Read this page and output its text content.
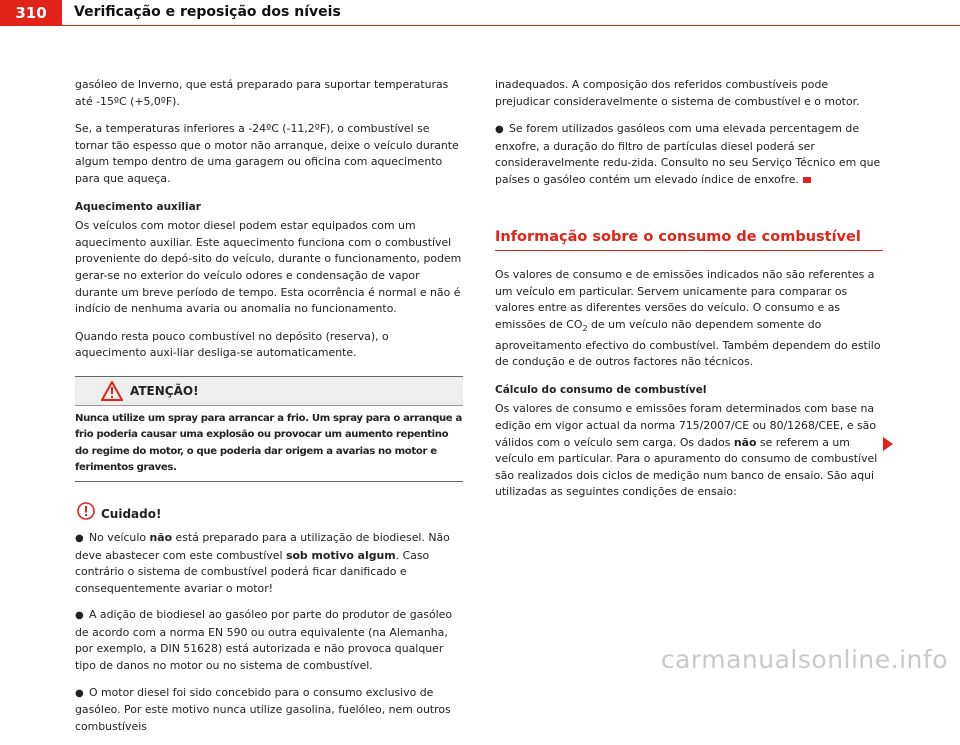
310	Verificação e reposição dos níveis

gasóleo de Inverno, que está preparado para suportar temperaturas até -15ºC (+5,0ºF).

Se, a temperaturas inferiores a -24ºC (-11,2ºF), o combustível se tornar tão espesso que o motor não arranque, deixe o veículo durante algum tempo dentro de uma garagem ou oficina com aquecimento para que aqueça.

Aquecimento auxiliar

Os veículos com motor diesel podem estar equipados com um aquecimento auxiliar. Este aquecimento funciona com o combustível proveniente do depó-sito do veículo, durante o funcionamento, podem gerar-se no exterior do veículo odores e condensação de vapor durante um breve período de tempo. Esta ocorrência é normal e não é indício de nenhuma avaria ou anomalia no funcionamento.

Quando resta pouco combustível no depósito (reserva), o aquecimento auxi-liar desliga-se automaticamente.

ATENÇÃO!
Nunca utilize um spray para arrancar a frio. Um spray para o arranque a frio poderia causar uma explosão ou provocar um aumento repentino do regime do motor, o que poderia dar origem a avarias no motor e ferimentos graves.
Cuidado!

● No veículo não está preparado para a utilização de biodiesel. Não deve abastecer com este combustível sob motivo algum. Caso contrário o sistema de combustível poderá ficar danificado e consequentemente avariar o motor!

● A adição de biodiesel ao gasóleo por parte do produtor de gasóleo de acordo com a norma EN 590 ou outra equivalente (na Alemanha, por exemplo, a DIN 51628) está autorizada e não provoca qualquer tipo de danos no motor ou no sistema de combustível.

● O motor diesel foi sido concebido para o consumo exclusivo de gasóleo. Por este motivo nunca utilize gasolina, fuelóleo, nem outros combustíveis

inadequados. A composição dos referidos combustíveis pode prejudicar consideravelmente o sistema de combustível e o motor.

● Se forem utilizados gasóleos com uma elevada percentagem de enxofre, a duração do filtro de partículas diesel poderá ser consideravelmente redu-zida. Consulto no seu Serviço Técnico em que países o gasóleo contém um elevado índice de enxofre.

Informação sobre o consumo de combustível

Os valores de consumo e de emissões indicados não são referentes a um veículo em particular. Servem unicamente para comparar os valores entre as diferentes versões do veículo. O consumo e as emissões de $CO_2$ de um veículo não dependem somente do aproveitamento efectivo do combustível. Também dependem do estilo de condução e de outros factores não técnicos.

Cálculo do consumo de combustível

Os valores de consumo e emissões foram determinados com base na edição em vigor actual da norma 715/2007/CE ou 80/1268/CEE, e são válidos com o veículo sem carga. Os dados não se referem a um veículo em particular. Para o apuramento do consumo de combustível são realizados dois ciclos de medição num banco de ensaio. São aqui utilizadas as seguintes condições de ensaio:

carmanualsonline.info
